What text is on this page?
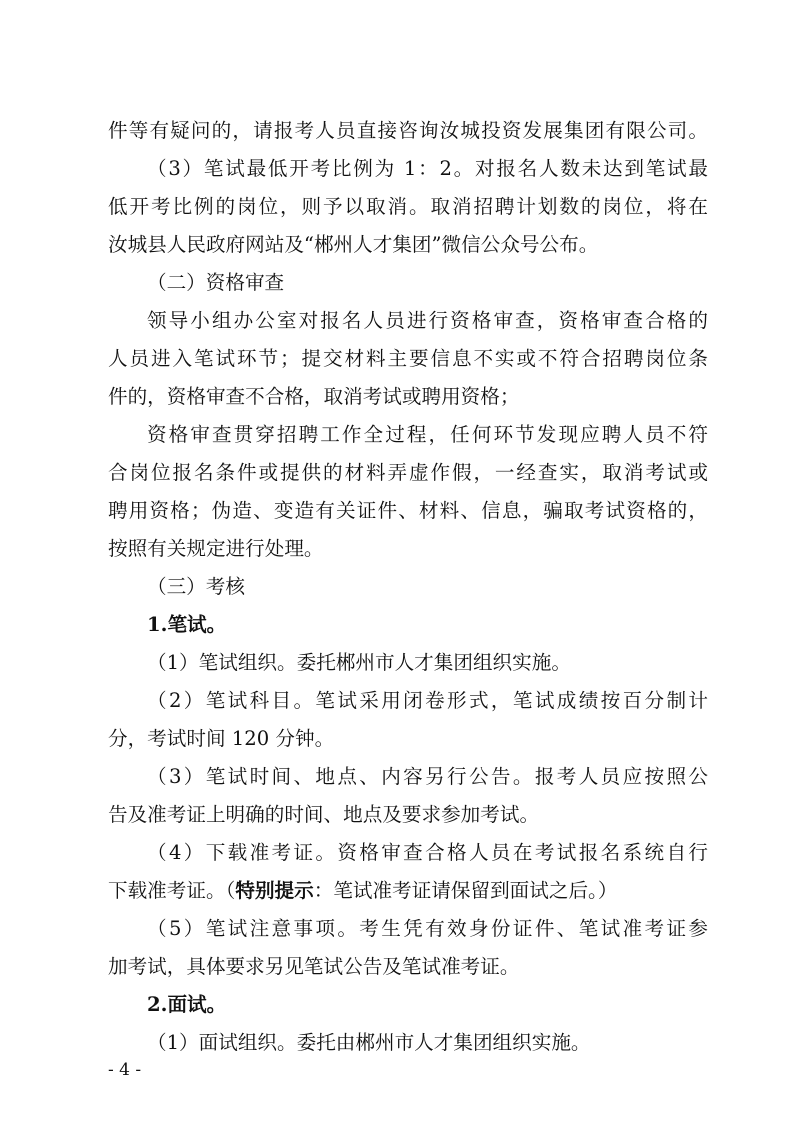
件等有疑问的，请报考人员直接咨询汝城投资发展集团有限公司。
（3）笔试最低开考比例为 1：2。对报名人数未达到笔试最
低开考比例的岗位，则予以取消。取消招聘计划数的岗位，将在
汝城县人民政府网站及“郴州人才集团”微信公众号公布。
（二）资格审查
领导小组办公室对报名人员进行资格审查，资格审查合格的
人员进入笔试环节；提交材料主要信息不实或不符合招聘岗位条
件的，资格审查不合格，取消考试或聘用资格；
资格审查贯穿招聘工作全过程，任何环节发现应聘人员不符
合岗位报名条件或提供的材料弄虚作假，一经查实，取消考试或
聘用资格；伪造、变造有关证件、材料、信息，骗取考试资格的，
按照有关规定进行处理。
（三）考核
1.笔试。
（1）笔试组织。委托郴州市人才集团组织实施。
（2）笔试科目。笔试采用闭卷形式，笔试成绩按百分制计
分，考试时间 120 分钟。
（3）笔试时间、地点、内容另行公告。报考人员应按照公
告及准考证上明确的时间、地点及要求参加考试。
（4）下载准考证。资格审查合格人员在考试报名系统自行
下载准考证。（特别提示：笔试准考证请保留到面试之后。）
（5）笔试注意事项。考生凭有效身份证件、笔试准考证参
加考试，具体要求另见笔试公告及笔试准考证。
2.面试。
（1）面试组织。委托由郴州市人才集团组织实施。
- 4 -
